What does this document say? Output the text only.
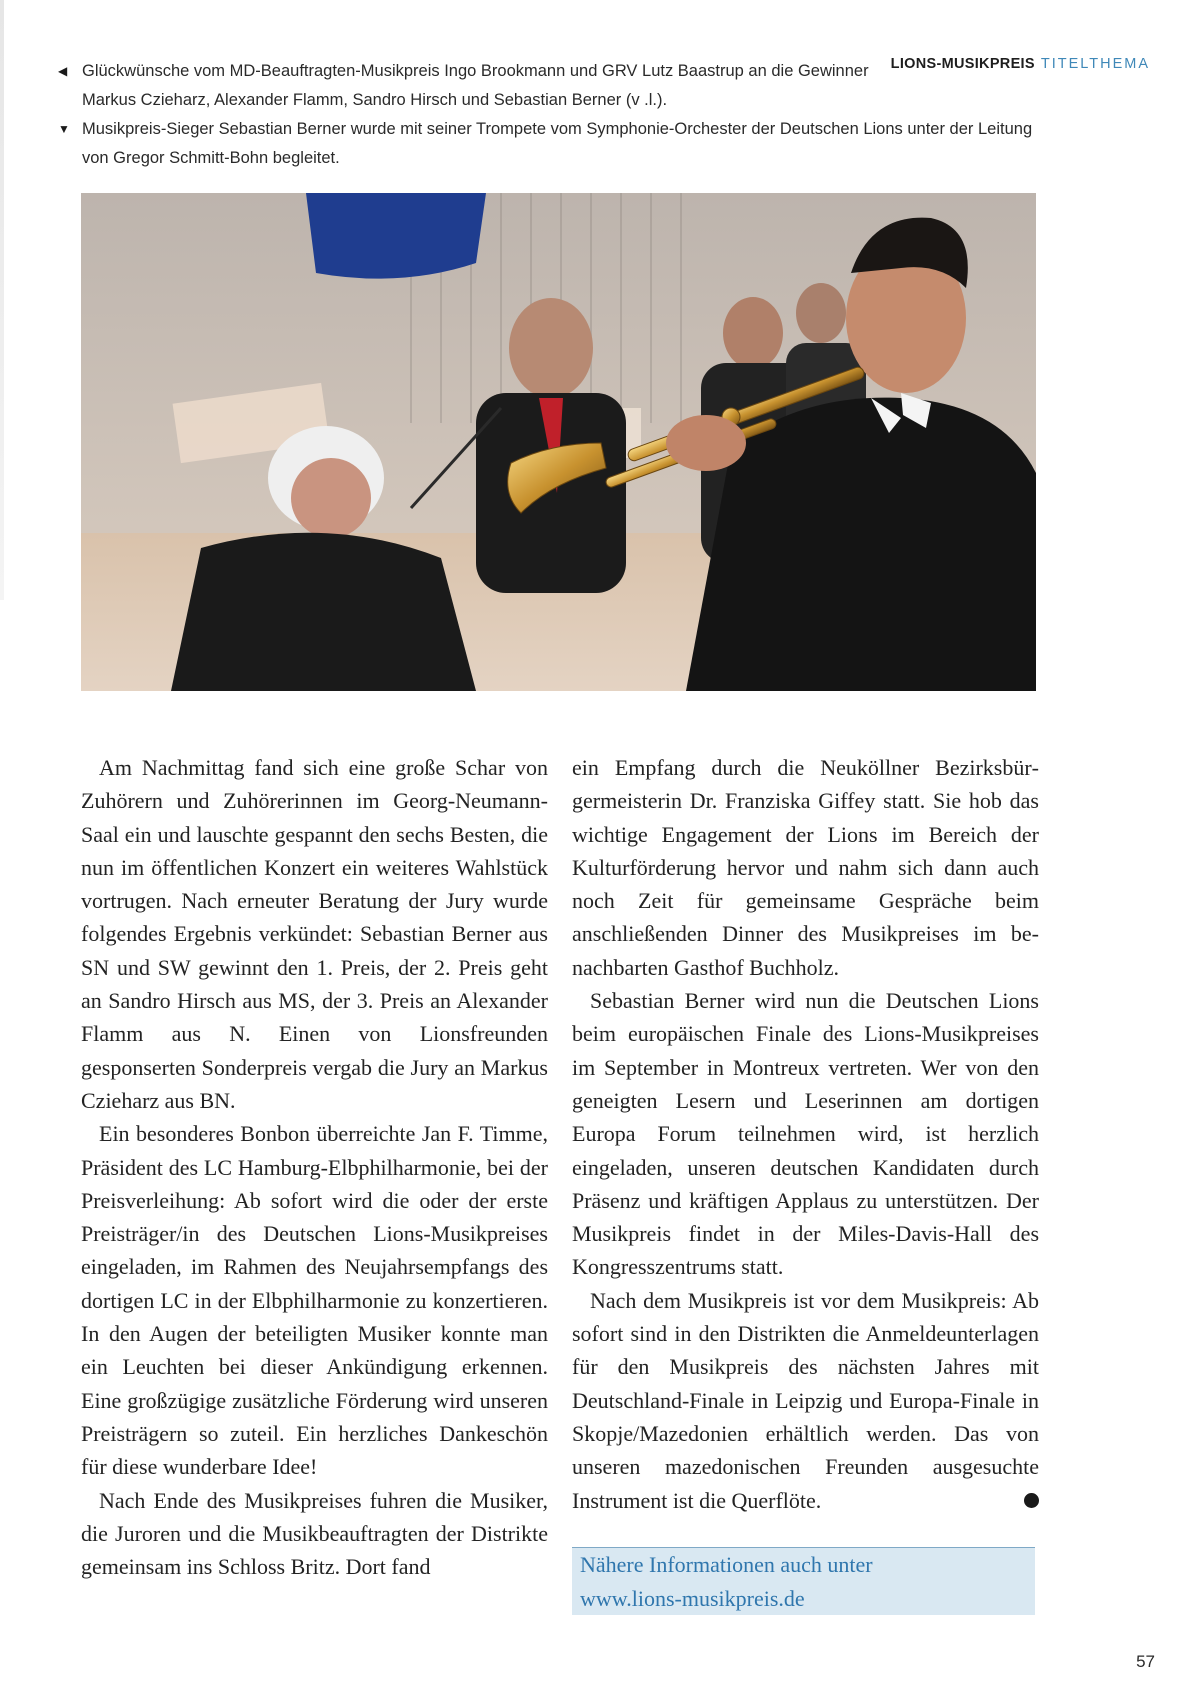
LIONS-MUSIKPREIS TITELTHEMA
◀ Glückwünsche vom MD-Beauftragten-Musikpreis Ingo Brookmann und GRV Lutz Baastrup an die Gewinner
Markus Czieharz, Alexander Flamm, Sandro Hirsch und Sebastian Berner (v .l.).
▼ Musikpreis-Sieger Sebastian Berner wurde mit seiner Trompete vom Symphonie-Orchester der Deutschen Lions unter der Leitung
von Gregor Schmitt-Bohn begleitet.

Am Nachmittag fand sich eine große Schar von Zuhörern und Zuhörerinnen im Georg-Neumann-Saal ein und lauschte gespannt den sechs Besten, die nun im öffentlichen Konzert ein weiteres Wahlstück vortrugen. Nach erneuter Beratung der Jury wurde folgendes Ergebnis verkündet: Sebastian Berner aus SN und SW gewinnt den 1. Preis, der 2. Preis geht an Sandro Hirsch aus MS, der 3. Preis an Alexander Flamm aus N. Einen von Lionsfreunden gesponserten Sonderpreis vergab die Jury an Markus Czieharz aus BN.

Ein besonderes Bonbon überreichte Jan F. Timme, Präsident des LC Hamburg-Elbphilharmonie, bei der Preisverleihung: Ab sofort wird die oder der erste Preisträger/in des Deutschen Lions-Musikpreises eingeladen, im Rahmen des Neujahrsempfangs des dortigen LC in der Elbphilharmonie zu konzertieren. In den Augen der beteiligten Musiker konnte man ein Leuchten bei dieser Ankündigung erkennen. Eine großzügige zusätzliche Förderung wird unseren Preisträgern so zuteil. Ein herzliches Dankeschön für diese wunderbare Idee!

Nach Ende des Musikpreises fuhren die Musiker, die Juroren und die Musikbeauftragten der Distrikte gemeinsam ins Schloss Britz. Dort fand

ein Empfang durch die Neuköllner Bezirksbürgermeisterin Dr. Franziska Giffey statt. Sie hob das wichtige Engagement der Lions im Bereich der Kulturförderung hervor und nahm sich dann auch noch Zeit für gemeinsame Gespräche beim anschließenden Dinner des Musikpreises im benachbarten Gasthof Buchholz.

Sebastian Berner wird nun die Deutschen Lions beim europäischen Finale des Lions-Musikpreises im September in Montreux vertreten. Wer von den geneigten Lesern und Leserinnen am dortigen Europa Forum teilnehmen wird, ist herzlich eingeladen, unseren deutschen Kandidaten durch Präsenz und kräftigen Applaus zu unterstützen. Der Musikpreis findet in der Miles-Davis-Hall des Kongresszentrums statt.

Nach dem Musikpreis ist vor dem Musikpreis: Ab sofort sind in den Distrikten die Anmeldeunterlagen für den Musikpreis des nächsten Jahres mit Deutschland-Finale in Leipzig und Europa-Finale in Skopje/Mazedonien erhältlich werden. Das von unseren mazedonischen Freunden ausgesuchte Instrument ist die Querflöte.	L

Nähere Informationen auch unter
www.lions-musikpreis.de
57
